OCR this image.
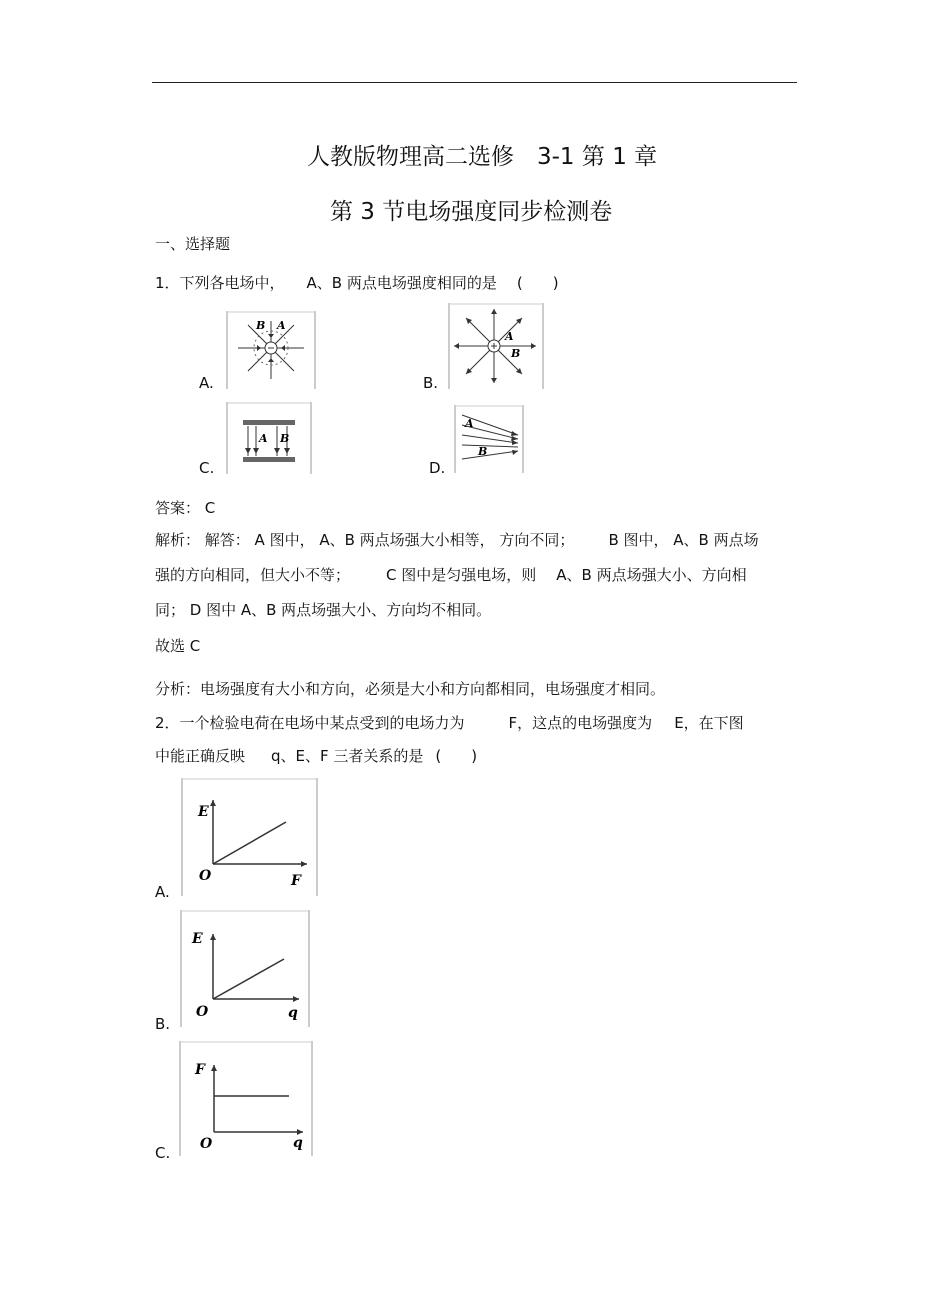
人教版物理高二选修　3-1 第 1 章
第 3 节电场强度同步检测卷
一、选择题
1．下列各电场中， A、B 两点电场强度相同的是 (　　)
A.
B A
B.
A
B
C.
A B
D.
A
B
答案： C
解析： 解答： A 图中， A、B 两点场强大小相等， 方向不同； B 图中， A、B 两点场
强的方向相同，但大小不等； C 图中是匀强电场，则 A、B 两点场强大小、方向相
同； D 图中 A、B 两点场强大小、方向均不相同。
故选 C
分析：电场强度有大小和方向，必须是大小和方向都相同，电场强度才相同。
2．一个检验电荷在电场中某点受到的电场力为	F，这点的电场强度为 E，在下图
中能正确反映 q、E、F 三者关系的是 (　　)
A.
E
O	F
B.
E
O	q
C.
F
O	q
